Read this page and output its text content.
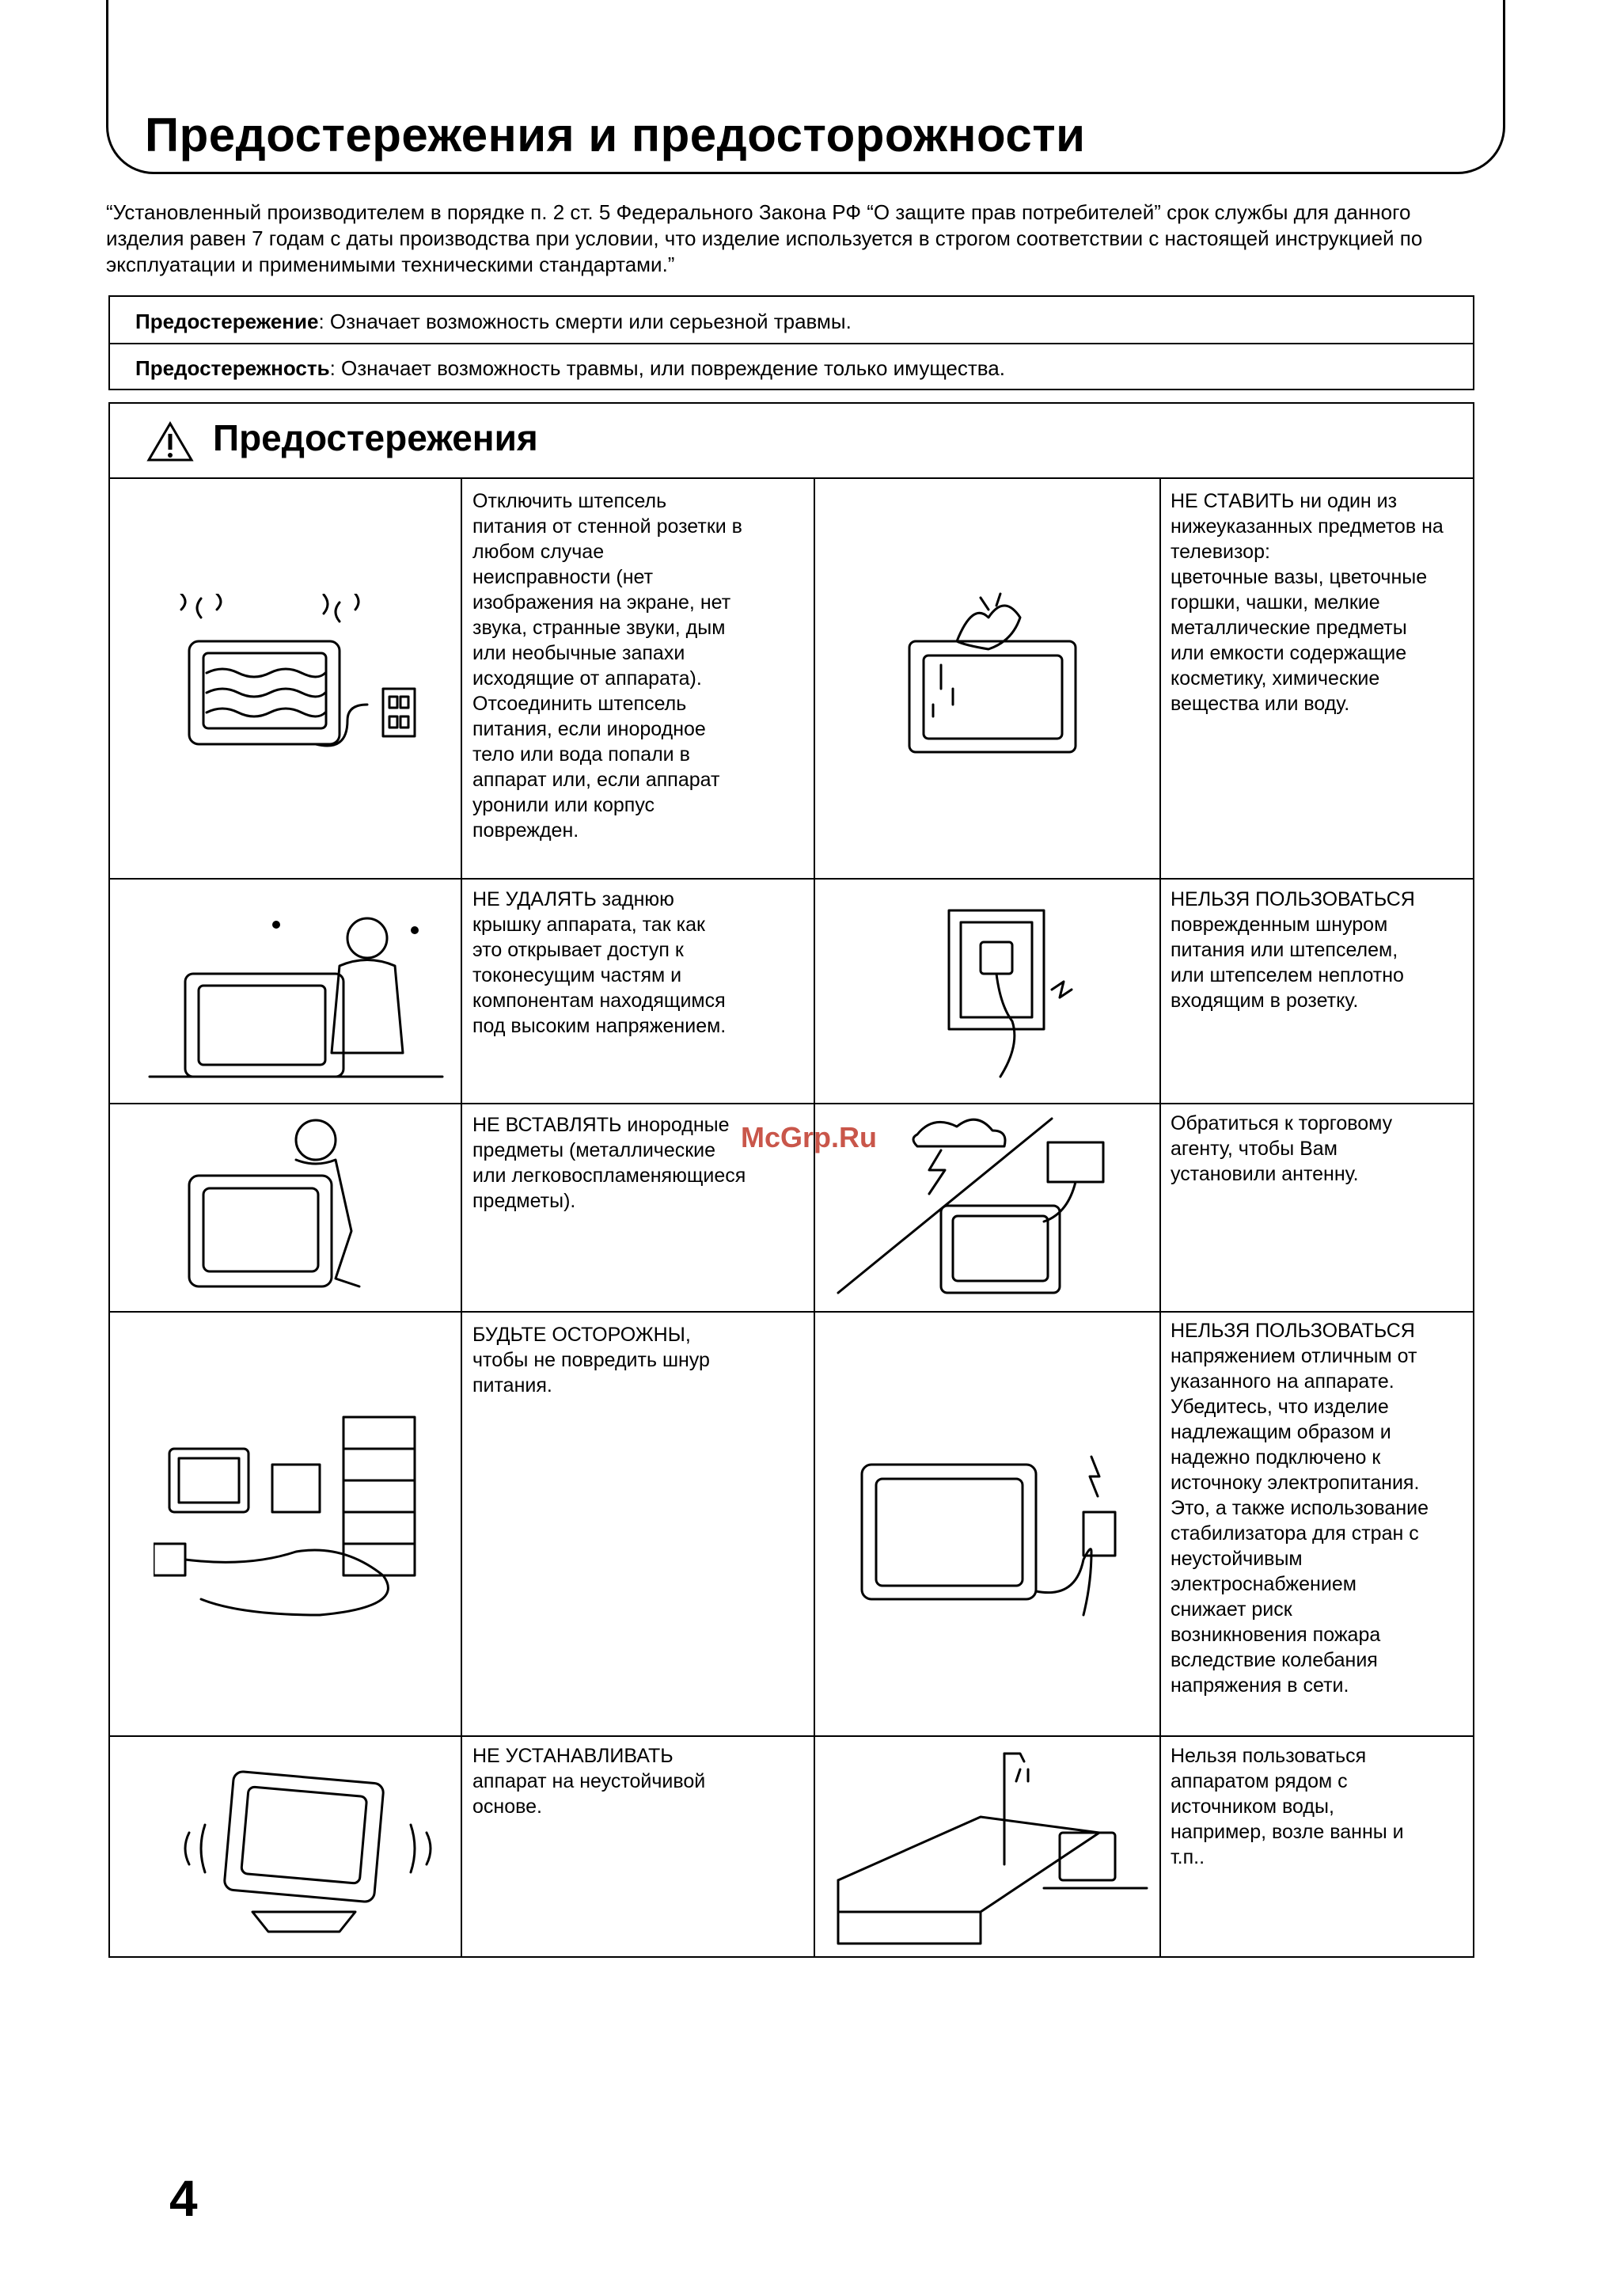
Предостережения и предосторожности

“Установленный производителем в порядке п. 2 ст. 5 Федерального Закона РФ “О защите прав потребителей” срок службы для данного изделия равен 7 годам с даты производства при условии, что изделие используется в строгом соответствии с настоящей инструкцией по эксплуатации и применимыми техническими стандартами.”

Предостережение: Означает возможность смерти или серьезной травмы.
Предостережность: Означает возможность травмы, или повреждение только имущества.
Предостережения
Отключить штепсель
питания от стенной розетки в
любом случае
неисправности (нет
изображения на экране, нет
звука, странные звуки, дым
или необычные запахи
исходящие от аппарата).
Отсоединить штепсель
питания, если инородное
тело или вода попали в
аппарат или, если аппарат
уронили или корпус
поврежден.
НЕ СТАВИТЬ ни один из
нижеуказанных предметов на
телевизор:
цветочные вазы, цветочные
горшки, чашки, мелкие
металлические предметы
или емкости содержащие
косметику, химические
вещества или воду.
НЕ УДАЛЯТЬ заднюю
крышку аппарата, так как
это открывает доступ к
токонесущим частям и
компонентам находящимся
под высоким напряжением.
НЕЛЬЗЯ ПОЛЬЗОВАТЬСЯ
поврежденным шнуром
питания или штепселем,
или штепселем неплотно
входящим в розетку.
НЕ ВСТАВЛЯТЬ инородные
предметы (металлические
или легковоспламеняющиеся
предметы).
Обратиться к торговому
агенту, чтобы Вам
установили антенну.
БУДЬТЕ ОСТОРОЖНЫ,
чтобы не повредить шнур
питания.
НЕЛЬЗЯ ПОЛЬЗОВАТЬСЯ
напряжением отличным от
указанного на аппарате.
Убедитесь, что изделие
надлежащим образом и
надежно подключено к
источноку электропитания.
Это, а также использование
стабилизатора для стран с
неустойчивым
электроснабжением
снижает риск
возникновения пожара
вследствие колебания
напряжения в сети.
НЕ УСТАНАВЛИВАТЬ
аппарат на неустойчивой
основе.
Нельзя пользоваться
аппаратом рядом с
источником воды,
например, возле ванны и
т.п..
McGrp.Ru
4
